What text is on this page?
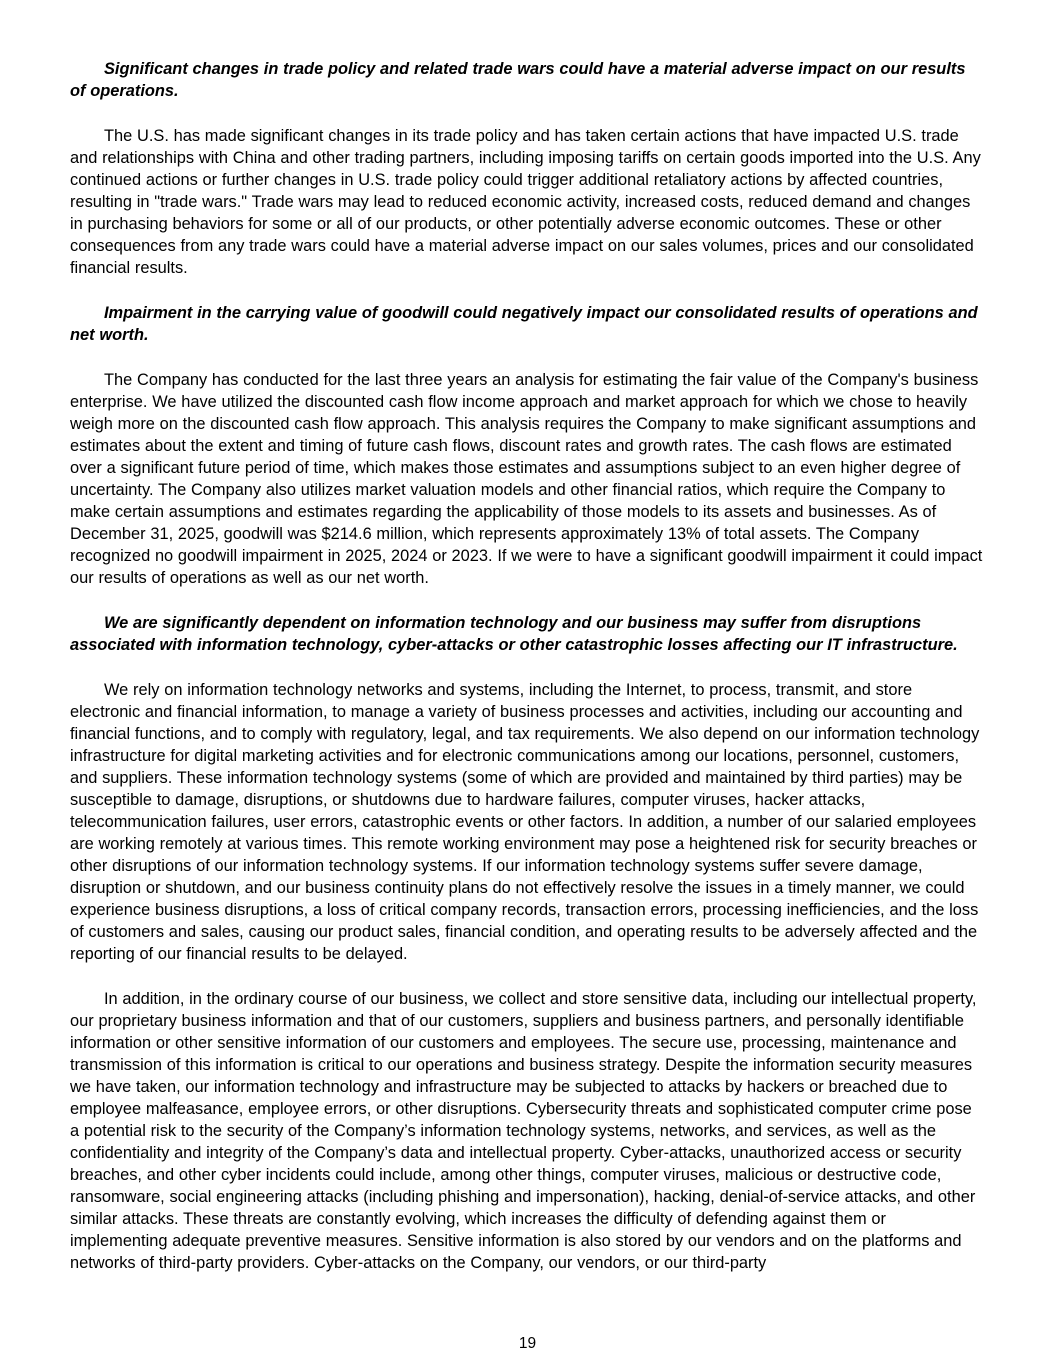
Significant changes in trade policy and related trade wars could have a material adverse impact on our results of operations.

The U.S. has made significant changes in its trade policy and has taken certain actions that have impacted U.S. trade and relationships with China and other trading partners, including imposing tariffs on certain goods imported into the U.S. Any continued actions or further changes in U.S. trade policy could trigger additional retaliatory actions by affected countries, resulting in "trade wars." Trade wars may lead to reduced economic activity, increased costs, reduced demand and changes in purchasing behaviors for some or all of our products, or other potentially adverse economic outcomes. These or other consequences from any trade wars could have a material adverse impact on our sales volumes, prices and our consolidated financial results.

Impairment in the carrying value of goodwill could negatively impact our consolidated results of operations and net worth.

The Company has conducted for the last three years an analysis for estimating the fair value of the Company's business enterprise. We have utilized the discounted cash flow income approach and market approach for which we chose to heavily weigh more on the discounted cash flow approach. This analysis requires the Company to make significant assumptions and estimates about the extent and timing of future cash flows, discount rates and growth rates. The cash flows are estimated over a significant future period of time, which makes those estimates and assumptions subject to an even higher degree of uncertainty. The Company also utilizes market valuation models and other financial ratios, which require the Company to make certain assumptions and estimates regarding the applicability of those models to its assets and businesses. As of December 31, 2025, goodwill was $214.6 million, which represents approximately 13% of total assets. The Company recognized no goodwill impairment in 2025, 2024 or 2023. If we were to have a significant goodwill impairment it could impact our results of operations as well as our net worth.

We are significantly dependent on information technology and our business may suffer from disruptions associated with information technology, cyber-attacks or other catastrophic losses affecting our IT infrastructure.

We rely on information technology networks and systems, including the Internet, to process, transmit, and store electronic and financial information, to manage a variety of business processes and activities, including our accounting and financial functions, and to comply with regulatory, legal, and tax requirements. We also depend on our information technology infrastructure for digital marketing activities and for electronic communications among our locations, personnel, customers, and suppliers. These information technology systems (some of which are provided and maintained by third parties) may be susceptible to damage, disruptions, or shutdowns due to hardware failures, computer viruses, hacker attacks, telecommunication failures, user errors, catastrophic events or other factors. In addition, a number of our salaried employees are working remotely at various times. This remote working environment may pose a heightened risk for security breaches or other disruptions of our information technology systems. If our information technology systems suffer severe damage, disruption or shutdown, and our business continuity plans do not effectively resolve the issues in a timely manner, we could experience business disruptions, a loss of critical company records, transaction errors, processing inefficiencies, and the loss of customers and sales, causing our product sales, financial condition, and operating results to be adversely affected and the reporting of our financial results to be delayed.

In addition, in the ordinary course of our business, we collect and store sensitive data, including our intellectual property, our proprietary business information and that of our customers, suppliers and business partners, and personally identifiable information or other sensitive information of our customers and employees. The secure use, processing, maintenance and transmission of this information is critical to our operations and business strategy. Despite the information security measures we have taken, our information technology and infrastructure may be subjected to attacks by hackers or breached due to employee malfeasance, employee errors, or other disruptions. Cybersecurity threats and sophisticated computer crime pose a potential risk to the security of the Company’s information technology systems, networks, and services, as well as the confidentiality and integrity of the Company’s data and intellectual property. Cyber-attacks, unauthorized access or security breaches, and other cyber incidents could include, among other things, computer viruses, malicious or destructive code, ransomware, social engineering attacks (including phishing and impersonation), hacking, denial-of-service attacks, and other similar attacks. These threats are constantly evolving, which increases the difficulty of defending against them or implementing adequate preventive measures. Sensitive information is also stored by our vendors and on the platforms and networks of third-party providers. Cyber-attacks on the Company, our vendors, or our third-party

19
